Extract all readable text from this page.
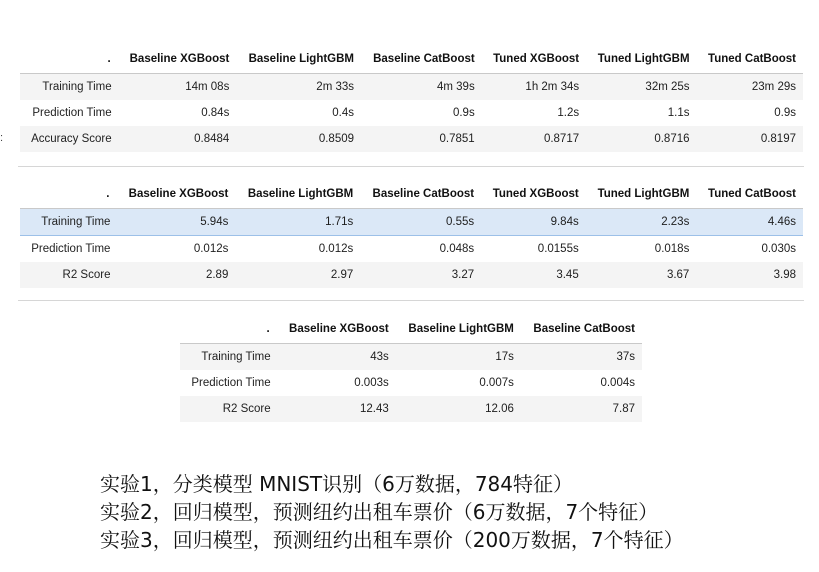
:
.	Baseline XGBoost	Baseline LightGBM	Baseline CatBoost	Tuned XGBoost	Tuned LightGBM	Tuned CatBoost
Training Time	14m 08s	2m 33s	4m 39s	1h 2m 34s	32m 25s	23m 29s
Prediction Time	0.84s	0.4s	0.9s	1.2s	1.1s	0.9s
Accuracy Score	0.8484	0.8509	0.7851	0.8717	0.8716	0.8197
.	Baseline XGBoost	Baseline LightGBM	Baseline CatBoost	Tuned XGBoost	Tuned LightGBM	Tuned CatBoost
Training Time	5.94s	1.71s	0.55s	9.84s	2.23s	4.46s
Prediction Time	0.012s	0.012s	0.048s	0.0155s	0.018s	0.030s
R2 Score	2.89	2.97	3.27	3.45	3.67	3.98
.	Baseline XGBoost	Baseline LightGBM	Baseline CatBoost
Training Time	43s	17s	37s
Prediction Time	0.003s	0.007s	0.004s
R2 Score	12.43	12.06	7.87
实验1，分类模型 MNIST识别（6万数据，784特征）
实验2，回归模型，预测纽约出租车票价（6万数据，7个特征）
实验3，回归模型，预测纽约出租车票价（200万数据，7个特征）
